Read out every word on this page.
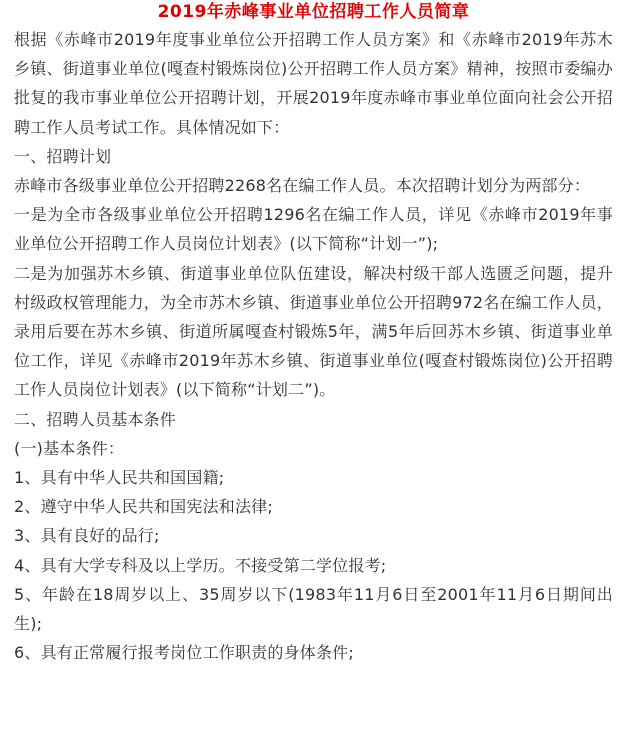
2019年赤峰事业单位招聘工作人员简章

根据《赤峰市2019年度事业单位公开招聘工作人员方案》和《赤峰市2019年苏木乡镇、街道事业单位(嘎查村锻炼岗位)公开招聘工作人员方案》精神，按照市委编办批复的我市事业单位公开招聘计划，开展2019年度赤峰市事业单位面向社会公开招聘工作人员考试工作。具体情况如下：

一、招聘计划

赤峰市各级事业单位公开招聘2268名在编工作人员。本次招聘计划分为两部分：

一是为全市各级事业单位公开招聘1296名在编工作人员，详见《赤峰市2019年事业单位公开招聘工作人员岗位计划表》(以下简称“计划一”);

二是为加强苏木乡镇、街道事业单位队伍建设，解决村级干部人选匮乏问题，提升村级政权管理能力，为全市苏木乡镇、街道事业单位公开招聘972名在编工作人员，录用后要在苏木乡镇、街道所属嘎查村锻炼5年，满5年后回苏木乡镇、街道事业单位工作，详见《赤峰市2019年苏木乡镇、街道事业单位(嘎查村锻炼岗位)公开招聘工作人员岗位计划表》(以下简称“计划二”)。

二、招聘人员基本条件

(一)基本条件：

1、具有中华人民共和国国籍;

2、遵守中华人民共和国宪法和法律;

3、具有良好的品行;

4、具有大学专科及以上学历。不接受第二学位报考;

5、年龄在18周岁以上、35周岁以下(1983年11月6日至2001年11月6日期间出生);

6、具有正常履行报考岗位工作职责的身体条件;
